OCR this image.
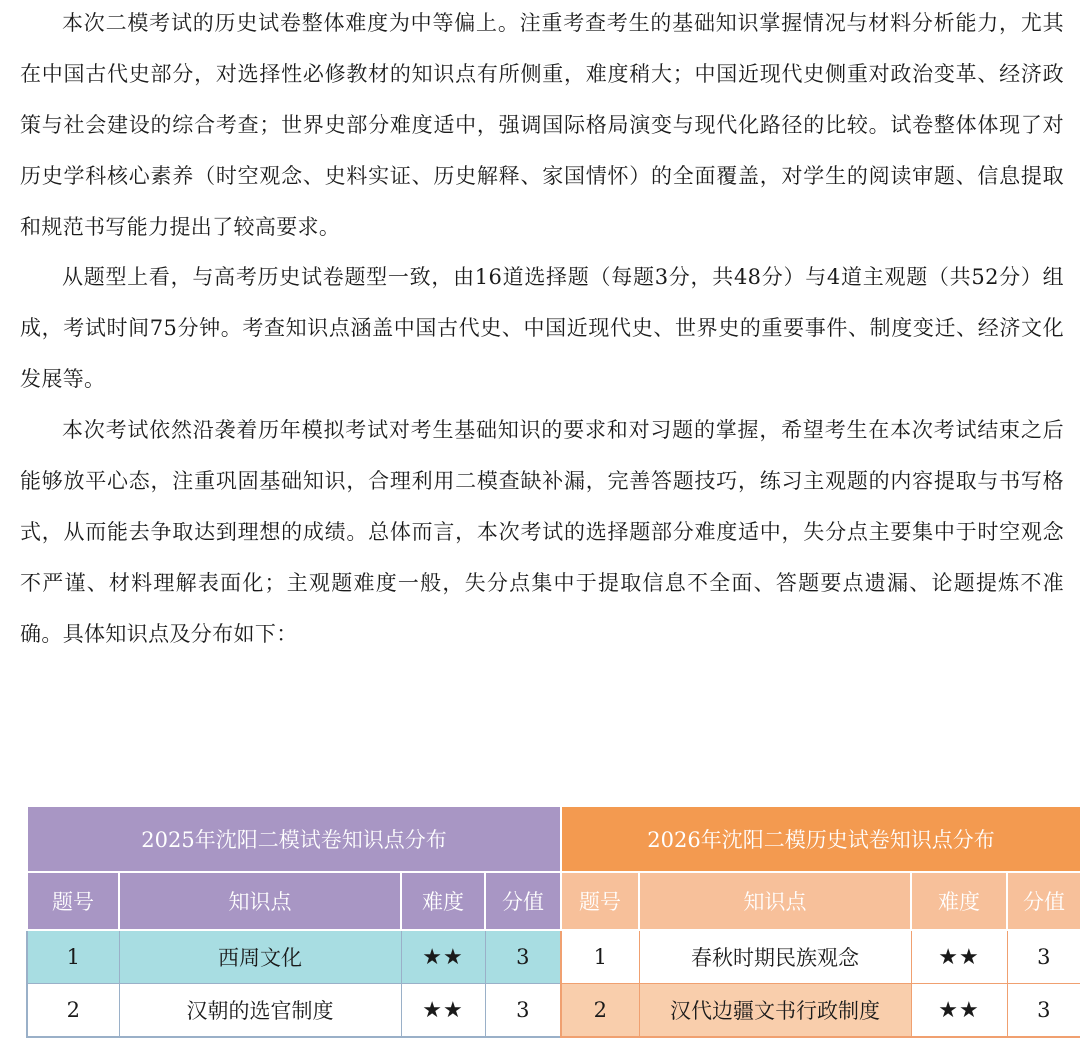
本次二模考试的历史试卷整体难度为中等偏上。注重考查考生的基础知识掌握情况与材料分析能力，尤其在中国古代史部分，对选择性必修教材的知识点有所侧重，难度稍大；中国近现代史侧重对政治变革、经济政策与社会建设的综合考查；世界史部分难度适中，强调国际格局演变与现代化路径的比较。试卷整体体现了对历史学科核心素养（时空观念、史料实证、历史解释、家国情怀）的全面覆盖，对学生的阅读审题、信息提取和规范书写能力提出了较高要求。

从题型上看，与高考历史试卷题型一致，由16道选择题（每题3分，共48分）与4道主观题（共52分）组成，考试时间75分钟。考查知识点涵盖中国古代史、中国近现代史、世界史的重要事件、制度变迁、经济文化发展等。

本次考试依然沿袭着历年模拟考试对考生基础知识的要求和对习题的掌握，希望考生在本次考试结束之后能够放平心态，注重巩固基础知识，合理利用二模查缺补漏，完善答题技巧，练习主观题的内容提取与书写格式，从而能去争取达到理想的成绩。总体而言，本次考试的选择题部分难度适中，失分点主要集中于时空观念不严谨、材料理解表面化；主观题难度一般，失分点集中于提取信息不全面、答题要点遗漏、论题提炼不准确。具体知识点及分布如下：

2025年沈阳二模试卷知识点分布			
题号	知识点	难度	分值
1	西周文化	★★	3
2	汉朝的选官制度	★★	3
2026年沈阳二模历史试卷知识点分布			
题号	知识点	难度	分值
1	春秋时期民族观念	★★	3
2	汉代边疆文书行政制度	★★	3
